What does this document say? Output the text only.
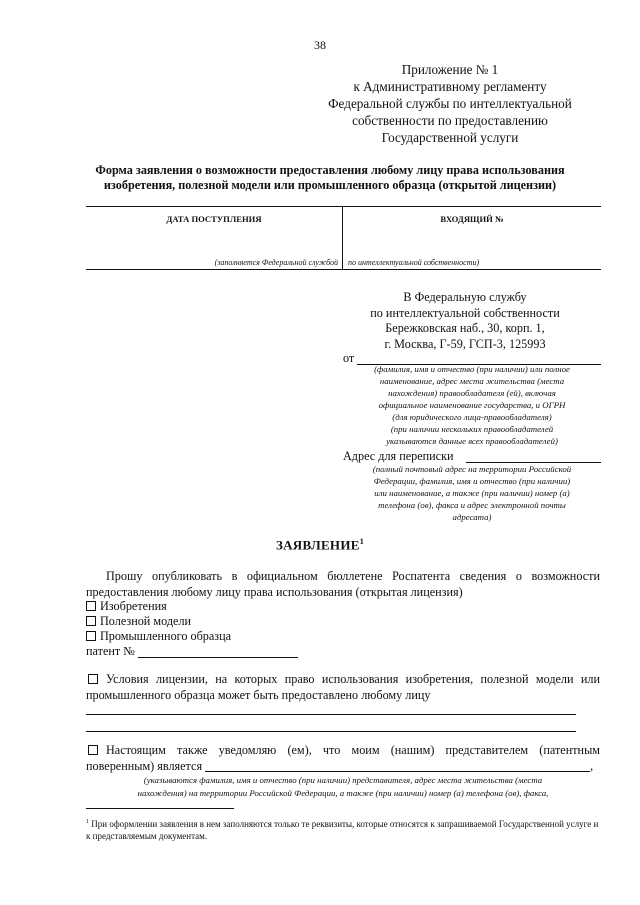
38
Приложение № 1
к Административному регламенту
Федеральной службы по интеллектуальной
собственности по предоставлению
Государственной услуги
Форма заявления о возможности предоставления любому лицу права использования
изобретения, полезной модели или промышленного образца (открытой лицензии)
ДАТА ПОСТУПЛЕНИЯ	ВХОДЯЩИЙ №
(заполняется Федеральной службой по интеллектуальной собственности)
В Федеральную службу
по интеллектуальной собственности
Бережковская наб., 30, корп. 1,
г. Москва, Г-59, ГСП-3, 125993
от
(фамилия, имя и отчество (при наличии) или полное
наименование, адрес места жительства (места
нахождения) правообладателя (ей), включая
официальное наименование государства, и ОГРН
(для юридического лица-правообладателя)
(при наличии нескольких правообладателей
указываются данные всех правообладателей)
Адрес для переписки
(полный почтовый адрес на территории Российской
Федерации, фамилия, имя и отчество (при наличии)
или наименование, а также (при наличии) номер (а)
телефона (ов), факса и адрес электронной почты
адресата)
ЗАЯВЛЕНИЕ$^1$
Прошу опубликовать в официальном бюллетене Роспатента сведения о возможности предоставления любому лицу права использования (открытая лицензия)
Изобретения
Полезной модели
Промышленного образца
патент №
Условия лицензии, на которых право использования изобретения, полезной модели или промышленного образца может быть предоставлено любому лицу
Настоящим также уведомляю (ем), что моим (нашим) представителем (патентным поверенным) является	,
(указываются фамилия, имя и отчество (при наличии) представителя, адрес места жительства (места
нахождения) на территории Российской Федерации, а также (при наличии) номер (а) телефона (ов), факса,
$^1$ При оформлении заявления в нем заполняются только те реквизиты, которые относятся к запрашиваемой Государственной услуге и к представляемым документам.
